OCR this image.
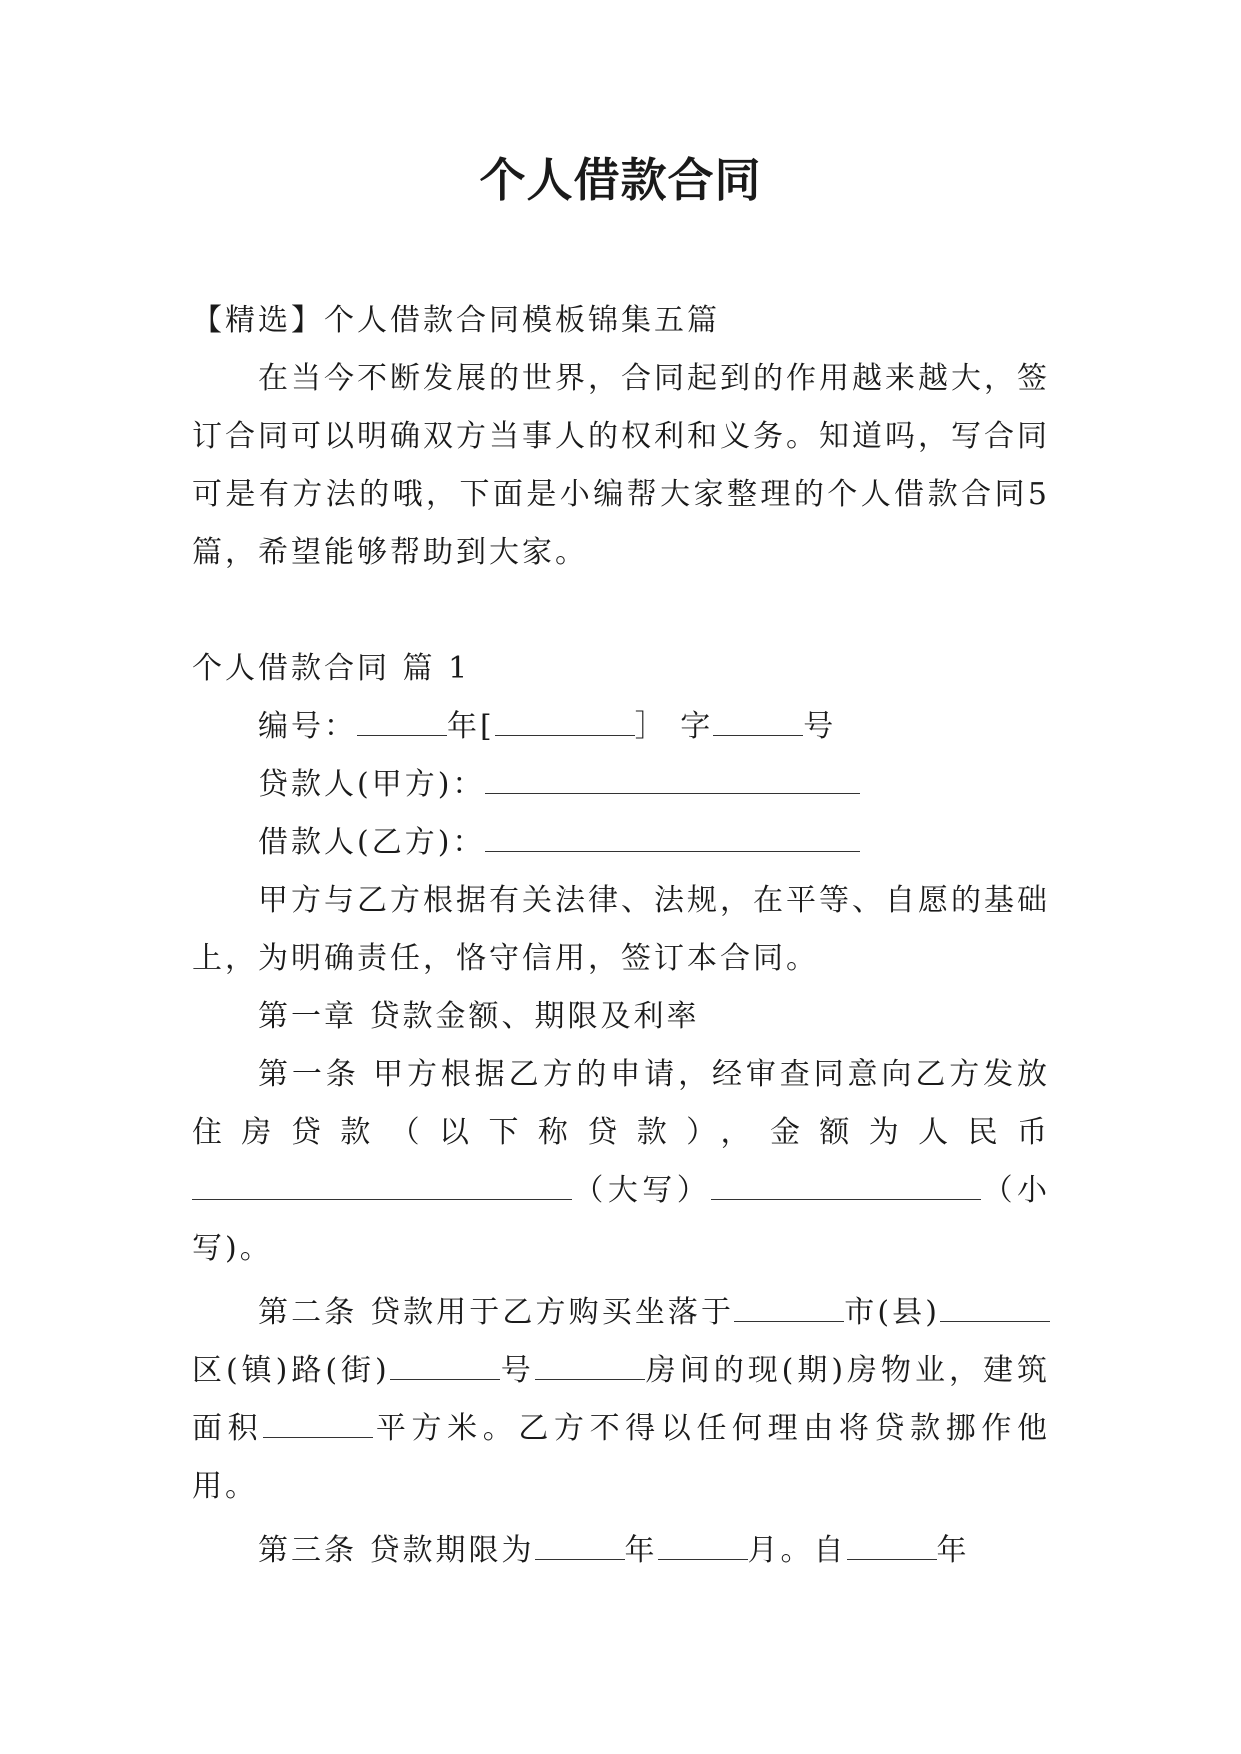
个人借款合同

【精选】个人借款合同模板锦集五篇

在当今不断发展的世界，合同起到的作用越来越大，签订合同可以明确双方当事人的权利和义务。知道吗，写合同可是有方法的哦，下面是小编帮大家整理的个人借款合同5篇，希望能够帮助到大家。

个人借款合同 篇 1

编号：	年[	］ 字	号

贷款人(甲方)：

借款人(乙方)：

甲方与乙方根据有关法律、法规，在平等、自愿的基础上，为明确责任，恪守信用，签订本合同。

第一章 贷款金额、期限及利率

第一条 甲方根据乙方的申请，经审查同意向乙方发放住房贷款（以下称贷款），金额为人民币（大写）	（小写)。

第二条 贷款用于乙方购买坐落于	市(县)区(镇)路(街)	号	房间的现(期)房物业，建筑面积	平方米。乙方不得以任何理由将贷款挪作他用。

第三条 贷款期限为	年	月。自	年
